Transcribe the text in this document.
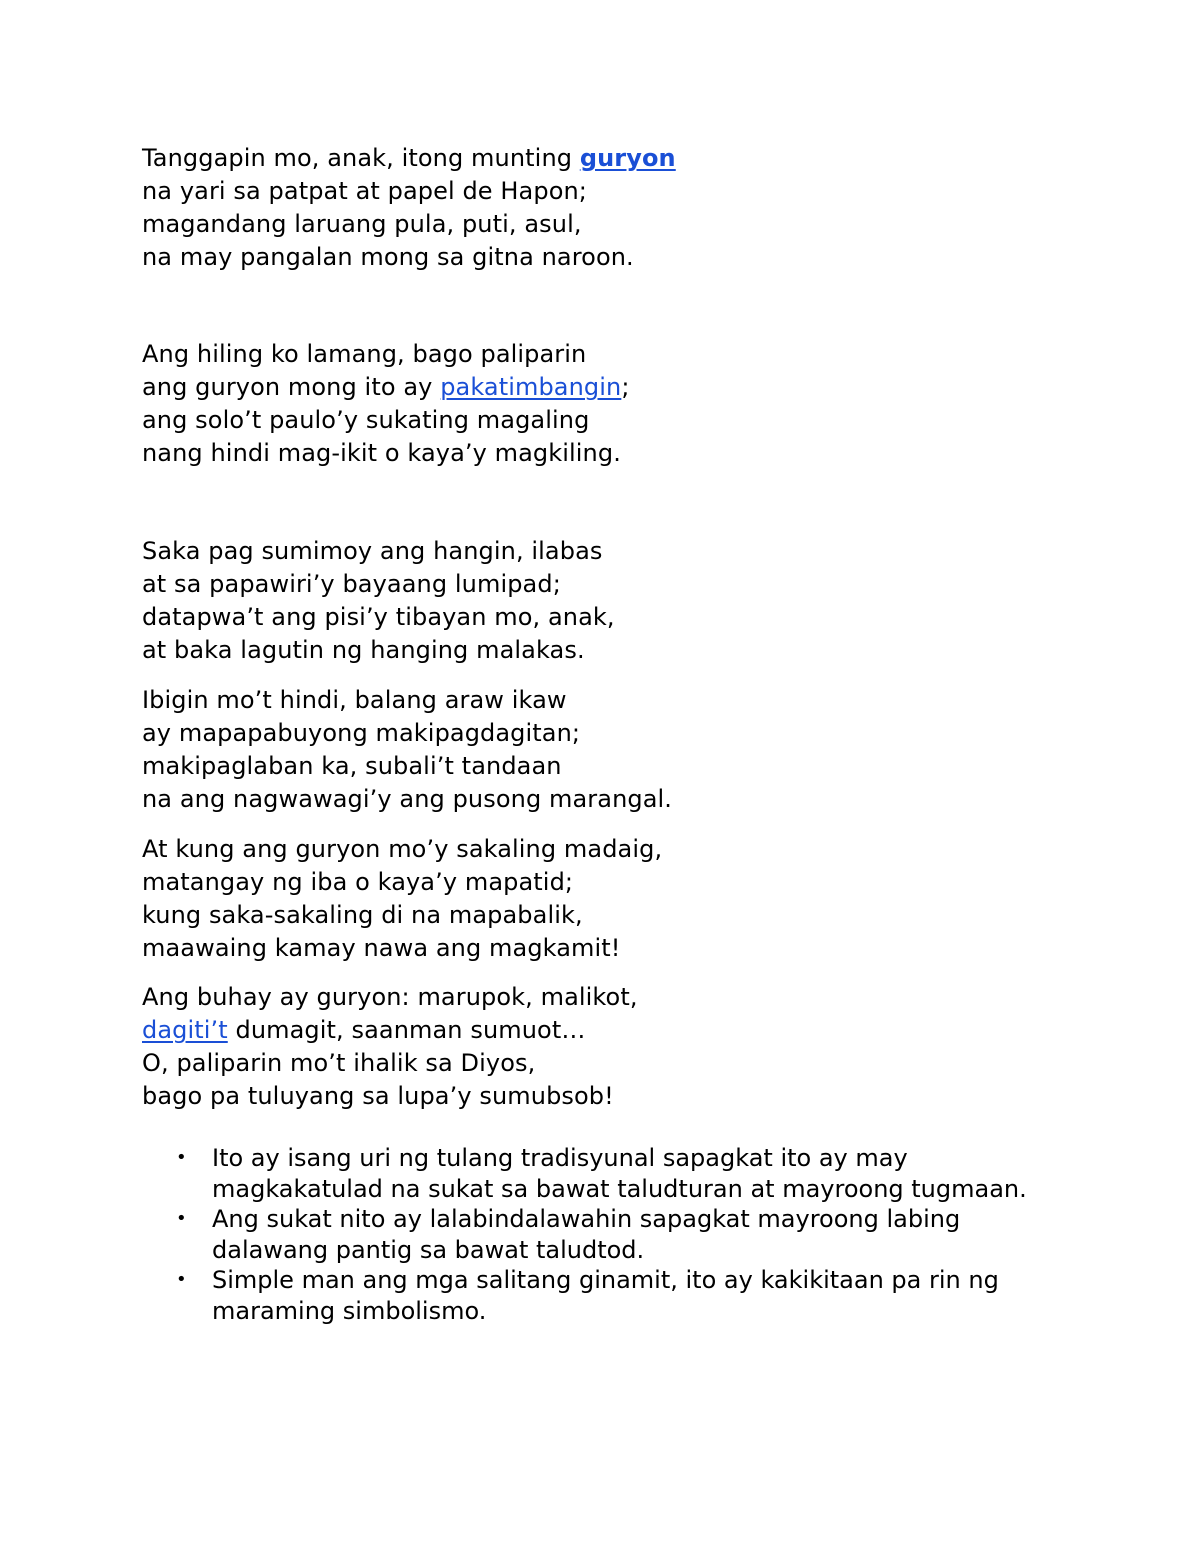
Tanggapin mo, anak, itong munting guryon
na yari sa patpat at papel de Hapon;
magandang laruang pula, puti, asul,
na may pangalan mong sa gitna naroon.
Ang hiling ko lamang, bago paliparin
ang guryon mong ito ay pakatimbangin;
ang solo’t paulo’y sukating magaling
nang hindi mag-ikit o kaya’y magkiling.
Saka pag sumimoy ang hangin, ilabas
at sa papawiri’y bayaang lumipad;
datapwa’t ang pisi’y tibayan mo, anak,
at baka lagutin ng hanging malakas.
Ibigin mo’t hindi, balang araw ikaw
ay mapapabuyong makipagdagitan;
makipaglaban ka, subali’t tandaan
na ang nagwawagi’y ang pusong marangal.
At kung ang guryon mo’y sakaling madaig,
matangay ng iba o kaya’y mapatid;
kung saka-sakaling di na mapabalik,
maawaing kamay nawa ang magkamit!
Ang buhay ay guryon: marupok, malikot,
dagiti’t dumagit, saanman sumuot…
O, paliparin mo’t ihalik sa Diyos,
bago pa tuluyang sa lupa’y sumubsob!
• Ito ay isang uri ng tulang tradisyunal sapagkat ito ay may magkakatulad na sukat sa bawat taludturan at mayroong tugmaan.
• Ang sukat nito ay lalabindalawahin sapagkat mayroong labing dalawang pantig sa bawat taludtod.
• Simple man ang mga salitang ginamit, ito ay kakikitaan pa rin ng maraming simbolismo.
